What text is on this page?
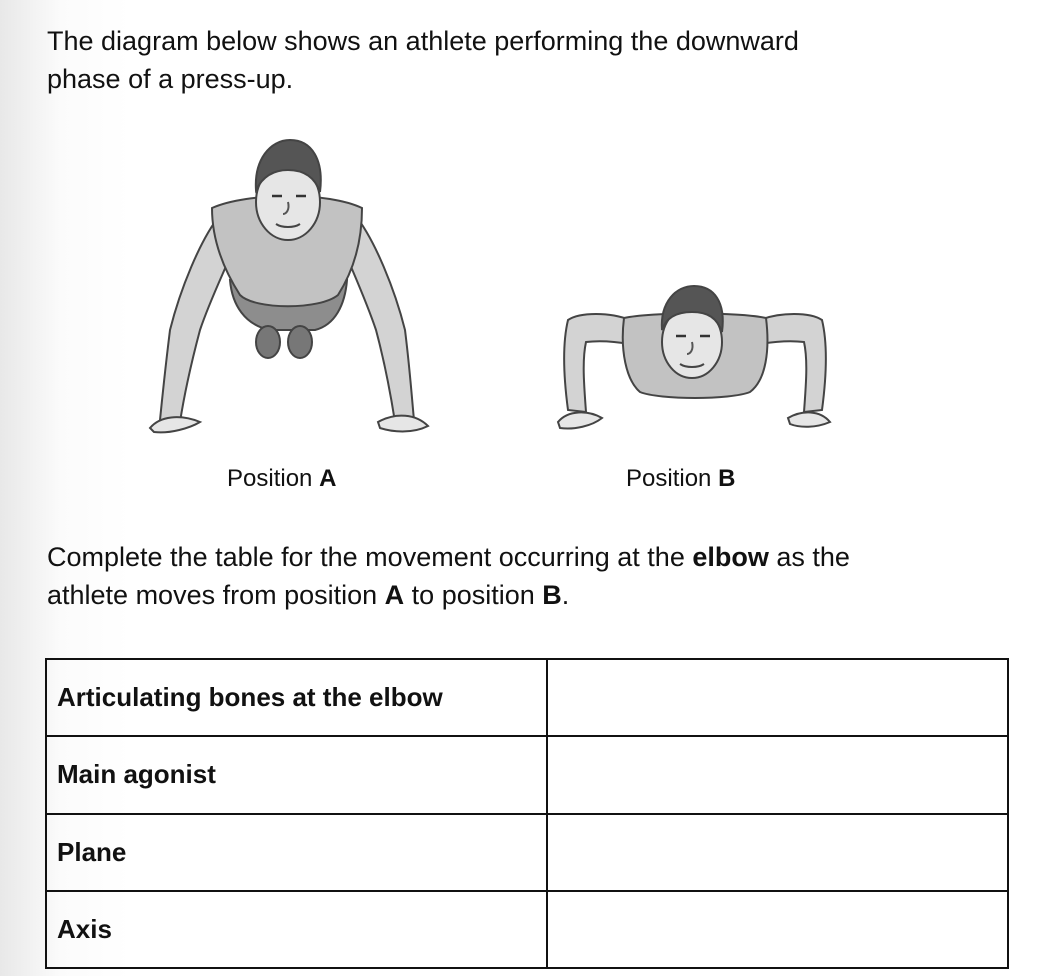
The diagram below shows an athlete performing the downward
phase of a press-up.
Position A	Position B
Complete the table for the movement occurring at the elbow as the
athlete moves from position A to position B.
Articulating bones at the elbow	
Main agonist	
Plane	
Axis	
